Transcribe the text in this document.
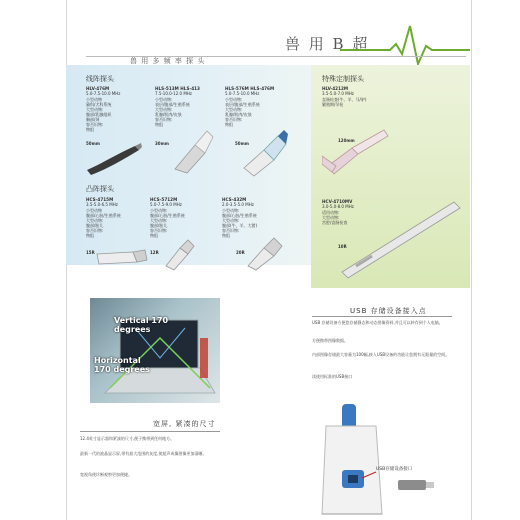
兽 用 B 超
兽 用 多 频 率 探 头
线阵探头
凸阵探头
特殊定制探头
HLV-476M
5.0-7.5-10.0 MHz
小型动物
猫科/犬科系统
大型动物:
腹部/乳腺组织
胸部/颈
容否识物:
物组
50mm
HLS-513M HLS-413
7.5-10.0-12.0 MHz
小型动物:
表层/腹部/生殖系统
大型动物:
乳腺/肌肉/皮肤
容否识物:
物组
30mm
HLS-576M HLS-476M
5.0-7.5-10.0 MHz
小型动物:
表层/腹部/生殖系统
大型动物:
乳腺/肌肉/皮肤
容否识物:
物组
50mm
HCS-4715M
3.5-5.0-6.5 MHz
小型动物
腹部/心脏/生殖系统
大型动物:
腹部/胎儿
容否识物:
物组
15R
HCS-5712M
5.0-7.5-9.0 MHz
小型动物:
腹部/心脏/生殖系统
大型动物:
腹部/胎儿
容否识物:
物组
12R
HCS-432M
2.0-3.5-5.0 MHz
小型动物:
腹部/心脏/生殖系统
大型动物:
腹部(牛、羊、大猪)
容否识物:
物组
20R
HLV-4212M
3.5-5.0-7.0 MHz
直肠检查(牛、羊、马/驴)
繁殖期/孕检
120mm
HCV-4710MV
3.0-5.0-8.0 MHz
适用动物:
大型动物:
宫腔/直肠检查
10R
Vertical 170 degrees
Horizontal 170 degrees
宽屏, 紧凑的尺寸
12.4英寸显示器和紧凑的尺寸,便于携带到任何地方。
最新一代的液晶显示屏,带有最大范围的灰度,使超声成像图像更加清晰。
宽视角使诊断观察更加便捷。
USB 存储设备接入点
USB 存储设备方便您存储静态和动态图像资料,并且可以转存到个人电脑。
方便携带图像数据。
内部图像存储最大容量为100幅,接入USB设备的功能让您拥有无限量的空间。
读使用标准的USB接口
USB存储设备接口
